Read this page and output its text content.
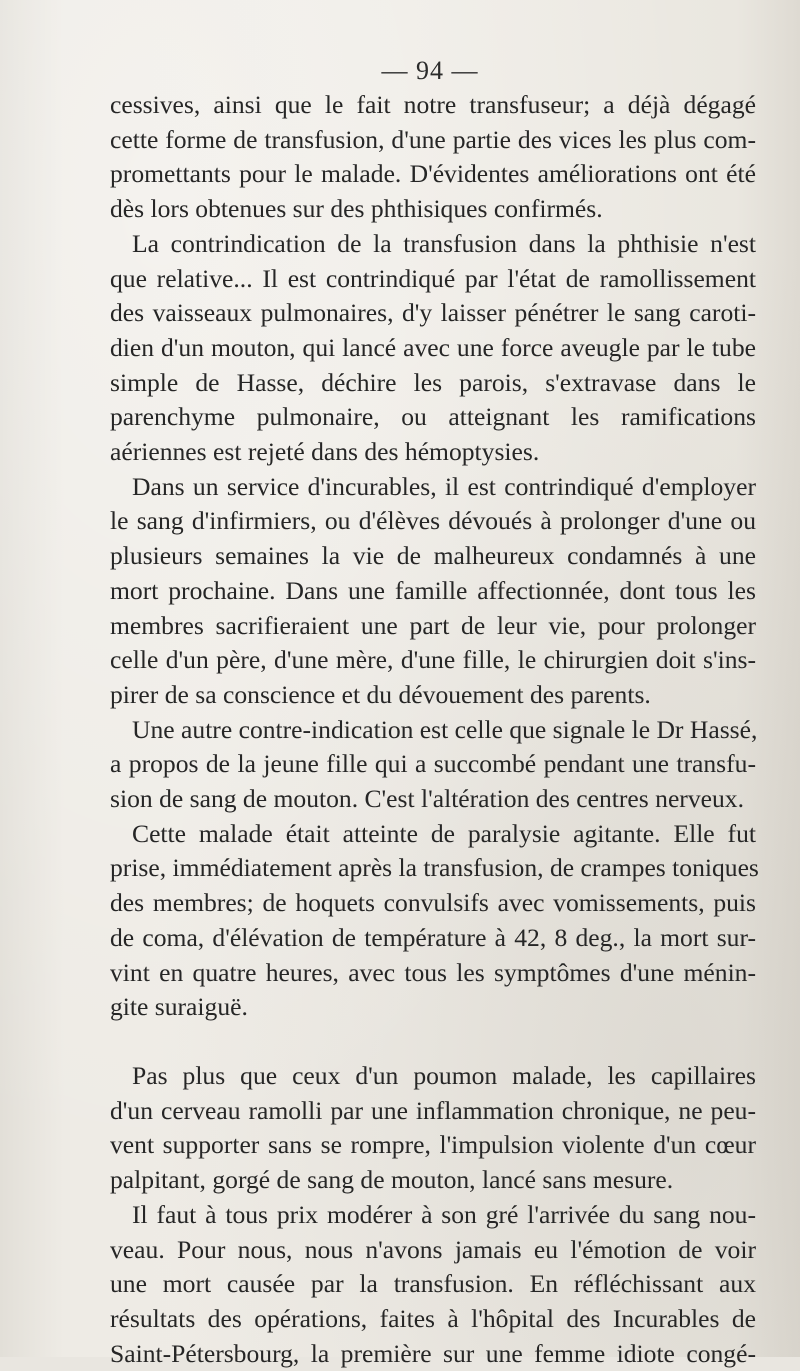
— 94 —
cessives, ainsi que le fait notre transfuseur; a déjà dégagé
cette forme de transfusion, d'une partie des vices les plus com-
promettants pour le malade. D'évidentes améliorations ont été
dès lors obtenues sur des phthisiques confirmés.
La contrindication de la transfusion dans la phthisie n'est
que relative... Il est contrindiqué par l'état de ramollissement
des vaisseaux pulmonaires, d'y laisser pénétrer le sang caroti-
dien d'un mouton, qui lancé avec une force aveugle par le tube
simple de Hasse, déchire les parois, s'extravase dans le
parenchyme pulmonaire, ou atteignant les ramifications
aériennes est rejeté dans des hémoptysies.
Dans un service d'incurables, il est contrindiqué d'employer
le sang d'infirmiers, ou d'élèves dévoués à prolonger d'une ou
plusieurs semaines la vie de malheureux condamnés à une
mort prochaine. Dans une famille affectionnée, dont tous les
membres sacrifieraient une part de leur vie, pour prolonger
celle d'un père, d'une mère, d'une fille, le chirurgien doit s'ins-
pirer de sa conscience et du dévouement des parents.
Une autre contre-indication est celle que signale le Dr Hassé,
a propos de la jeune fille qui a succombé pendant une transfu-
sion de sang de mouton. C'est l'altération des centres nerveux.
Cette malade était atteinte de paralysie agitante. Elle fut
prise, immédiatement après la transfusion, de crampes toniques
des membres; de hoquets convulsifs avec vomissements, puis
de coma, d'élévation de température à 42, 8 deg., la mort sur-
vint en quatre heures, avec tous les symptômes d'une ménin-
gite suraiguë.
Pas plus que ceux d'un poumon malade, les capillaires
d'un cerveau ramolli par une inflammation chronique, ne peu-
vent supporter sans se rompre, l'impulsion violente d'un cœur
palpitant, gorgé de sang de mouton, lancé sans mesure.
Il faut à tous prix modérer à son gré l'arrivée du sang nou-
veau. Pour nous, nous n'avons jamais eu l'émotion de voir
une mort causée par la transfusion. En réfléchissant aux
résultats des opérations, faites à l'hôpital des Incurables de
Saint-Pétersbourg, la première sur une femme idiote congé-
